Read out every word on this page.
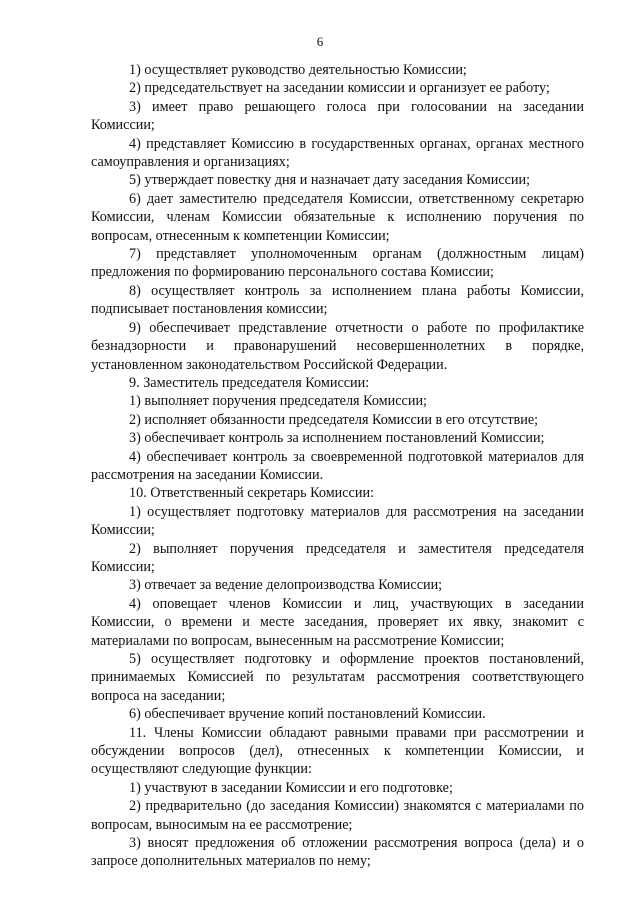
6

1) осуществляет руководство деятельностью Комиссии;

2) председательствует на заседании комиссии и организует ее работу;

3) имеет право решающего голоса при голосовании на заседании Комиссии;

4) представляет Комиссию в государственных органах, органах местного самоуправления и организациях;

5) утверждает повестку дня и назначает дату заседания Комиссии;

6) дает заместителю председателя Комиссии, ответственному секретарю Комиссии, членам Комиссии обязательные к исполнению поручения по вопросам, отнесенным к компетенции Комиссии;

7) представляет уполномоченным органам (должностным лицам) предложения по формированию персонального состава Комиссии;

8) осуществляет контроль за исполнением плана работы Комиссии, подписывает постановления комиссии;

9) обеспечивает представление отчетности о работе по профилактике безнадзорности и правонарушений несовершеннолетних в порядке, установленном законодательством Российской Федерации.

9. Заместитель председателя Комиссии:

1) выполняет поручения председателя Комиссии;

2) исполняет обязанности председателя Комиссии в его отсутствие;

3) обеспечивает контроль за исполнением постановлений Комиссии;

4) обеспечивает контроль за своевременной подготовкой материалов для рассмотрения на заседании Комиссии.

10. Ответственный секретарь Комиссии:

1) осуществляет подготовку материалов для рассмотрения на заседании Комиссии;

2) выполняет поручения председателя и заместителя председателя Комиссии;

3) отвечает за ведение делопроизводства Комиссии;

4) оповещает членов Комиссии и лиц, участвующих в заседании Комиссии, о времени и месте заседания, проверяет их явку, знакомит с материалами по вопросам, вынесенным на рассмотрение Комиссии;

5) осуществляет подготовку и оформление проектов постановлений, принимаемых Комиссией по результатам рассмотрения соответствующего вопроса на заседании;

6) обеспечивает вручение копий постановлений Комиссии.

11. Члены Комиссии обладают равными правами при рассмотрении и обсуждении вопросов (дел), отнесенных к компетенции Комиссии, и осуществляют следующие функции:

1) участвуют в заседании Комиссии и его подготовке;

2) предварительно (до заседания Комиссии) знакомятся с материалами по вопросам, выносимым на ее рассмотрение;

3) вносят предложения об отложении рассмотрения вопроса (дела) и о запросе дополнительных материалов по нему;
